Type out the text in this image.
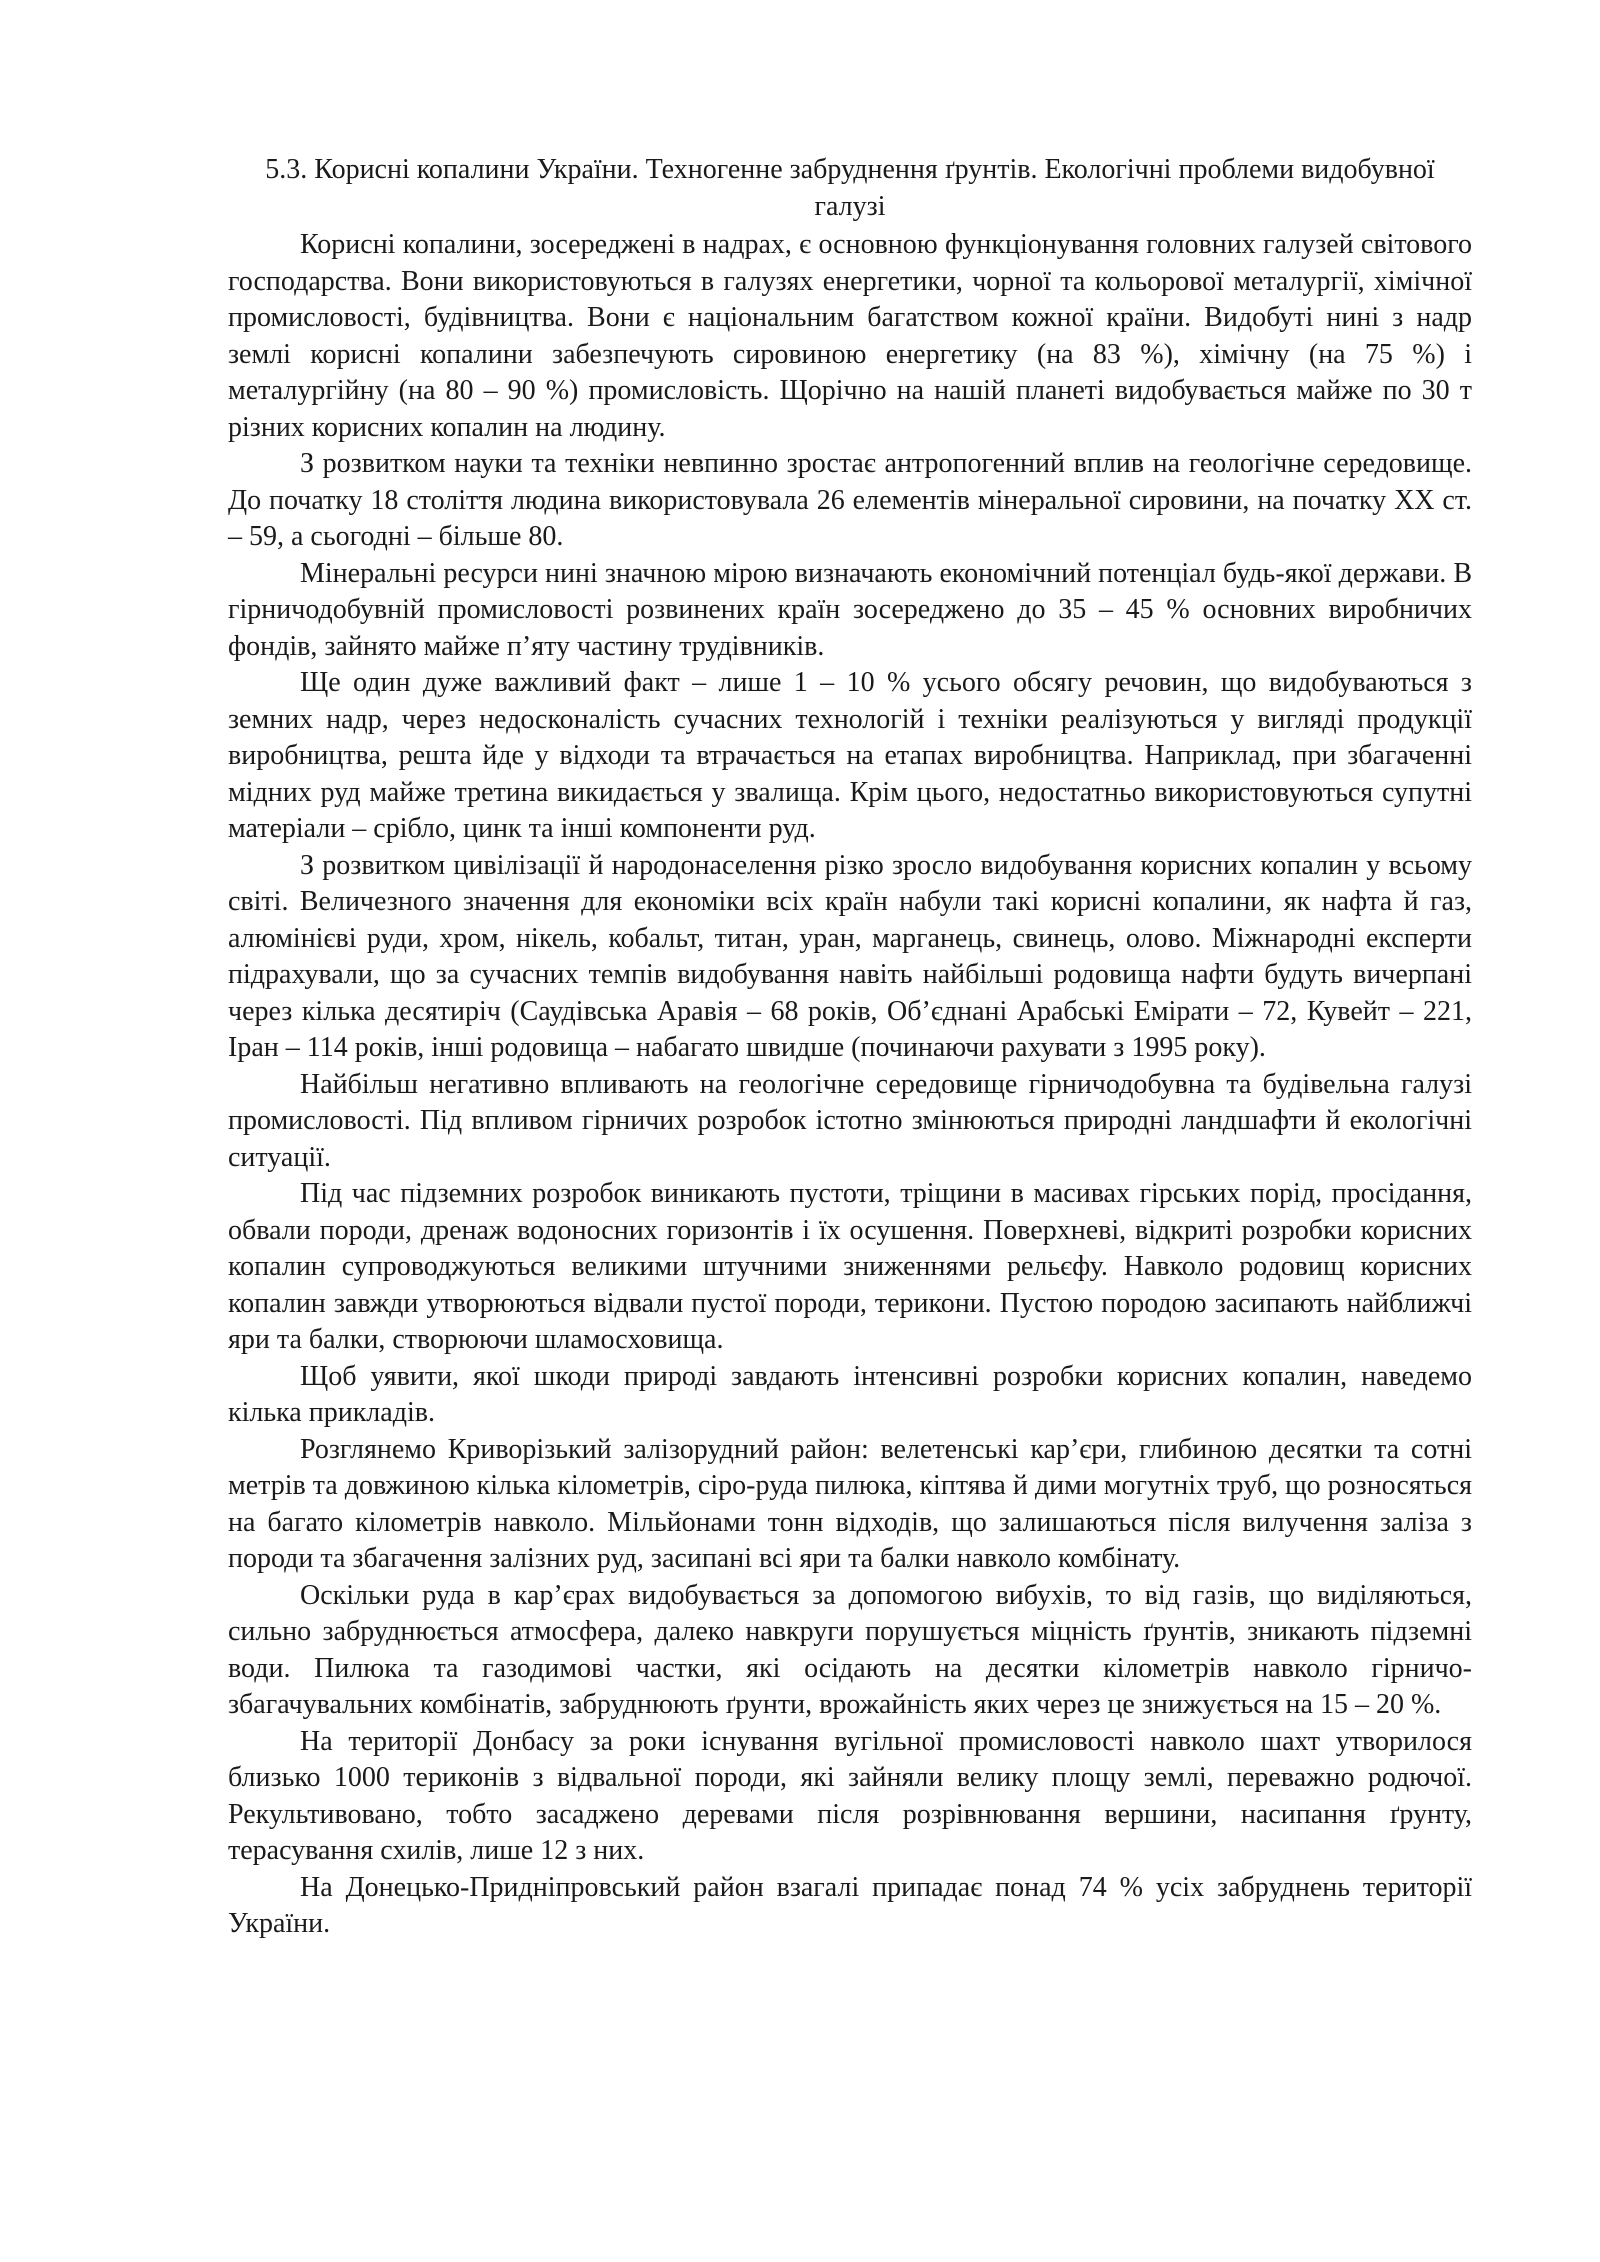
5.3. Корисні копалини України. Техногенне забруднення ґрунтів. Екологічні проблеми видобувної галузі

Корисні копалини, зосереджені в надрах, є основною функціонування головних галузей світового господарства. Вони використовуються в галузях енергетики, чорної та кольорової металургії, хімічної промисловості, будівництва. Вони є національним багатством кожної країни. Видобуті нині з надр землі корисні копалини забезпечують сировиною енергетику (на 83 %), хімічну (на 75 %) і металургійну (на 80 – 90 %) промисловість. Щорічно на нашій планеті видобувається майже по 30 т різних корисних копалин на людину.

З розвитком науки та техніки невпинно зростає антропогенний вплив на геологічне середовище. До початку 18 століття людина використовувала 26 елементів мінеральної сировини, на початку XX ст. – 59, а сьогодні – більше 80.

Мінеральні ресурси нині значною мірою визначають економічний потенціал будь-якої держави. В гірничодобувній промисловості розвинених країн зосереджено до 35 – 45 % основних виробничих фондів, зайнято майже п’яту частину трудівників.

Ще один дуже важливий факт – лише 1 – 10 % усього обсягу речовин, що видобуваються з земних надр, через недосконалість сучасних технологій і техніки реалізуються у вигляді продукції виробництва, решта йде у відходи та втрачається на етапах виробництва. Наприклад, при збагаченні мідних руд майже третина викидається у звалища. Крім цього, недостатньо використовуються супутні матеріали – срібло, цинк та інші компоненти руд.

З розвитком цивілізації й народонаселення різко зросло видобування корисних копалин у всьому світі. Величезного значення для економіки всіх країн набули такі корисні копалини, як нафта й газ, алюмінієві руди, хром, нікель, кобальт, титан, уран, марганець, свинець, олово. Міжнародні експерти підрахували, що за сучасних темпів видобування навіть найбільші родовища нафти будуть вичерпані через кілька десятиріч (Саудівська Аравія – 68 років, Об’єднані Арабські Емірати – 72, Кувейт – 221, Іран – 114 років, інші родовища – набагато швидше (починаючи рахувати з 1995 року).

Найбільш негативно впливають на геологічне середовище гірничодобувна та будівельна галузі промисловості. Під впливом гірничих розробок істотно змінюються природні ландшафти й екологічні ситуації.

Під час підземних розробок виникають пустоти, тріщини в масивах гірських порід, просідання, обвали породи, дренаж водоносних горизонтів і їх осушення. Поверхневі, відкриті розробки корисних копалин супроводжуються великими штучними зниженнями рельєфу. Навколо родовищ корисних копалин завжди утворюються відвали пустої породи, терикони. Пустою породою засипають найближчі яри та балки, створюючи шламосховища.

Щоб уявити, якої шкоди природі завдають інтенсивні розробки корисних копалин, наведемо кілька прикладів.

Розглянемо Криворізький залізорудний район: велетенські кар’єри, глибиною десятки та сотні метрів та довжиною кілька кілометрів, сіро-руда пилюка, кіптява й дими могутніх труб, що розносяться на багато кілометрів навколо. Мільйонами тонн відходів, що залишаються після вилучення заліза з породи та збагачення залізних руд, засипані всі яри та балки навколо комбінату.

Оскільки руда в кар’єрах видобувається за допомогою вибухів, то від газів, що виділяються, сильно забруднюється атмосфера, далеко навкруги порушується міцність ґрунтів, зникають підземні води. Пилюка та газодимові частки, які осідають на десятки кілометрів навколо гірничо-збагачувальних комбінатів, забруднюють ґрунти, врожайність яких через це знижується на 15 – 20 %.

На території Донбасу за роки існування вугільної промисловості навколо шахт утворилося близько 1000 териконів з відвальної породи, які зайняли велику площу землі, переважно родючої. Рекультивовано, тобто засаджено деревами після розрівнювання вершини, насипання ґрунту, терасування схилів, лише 12 з них.

На Донецько-Придніпровський район взагалі припадає понад 74 % усіх забруднень території України.
